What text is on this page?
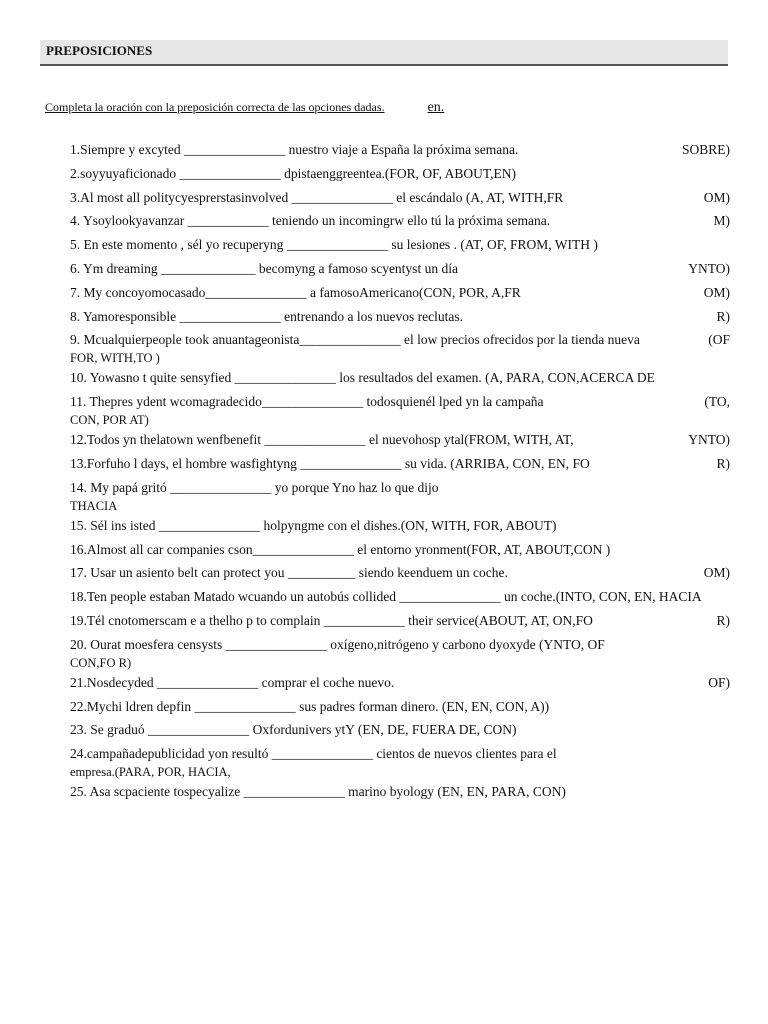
PREPOSICIONES
Completa la oración con la preposición correcta de las opciones dadas.	en.
1.Siempre y excyted _______________ nuestro viaje a España la próxima semana.	SOBRE)
2.soyyuyaficionado _______________ dpistaenggreentea.(FOR, OF, ABOUT,EN)
3.Al most all politycyesprerstasinvolved _______________ el escándalo (A, AT, WITH,FR	OM)
4. Ysoylookyavanzar ____________ teniendo un incomingrw ello tú la próxima semana.	M)
5. En este momento , sél yo recuperyng _______________ su lesiones . (AT, OF, FROM, WITH )
6. Ym dreaming ______________ becomyng a famoso scyentyst un día	YNTO)
7. My concoyomocasado_______________ a famosoAmericano(CON, POR, A,FR	OM)
8. Yamoresponsible _______________ entrenando a los nuevos reclutas.	R)
9. Mcualquierpeople took anuantageonista_______________ el low precios ofrecidos por la tienda nueva	(OF
FOR, WITH,TO )
10. Yowasno t quite sensyfied _______________ los resultados del examen. (A, PARA, CON,ACERCA DE
11. Thepres ydent wcomagradecido_______________ todosquienél lped yn la campaña	(TO,
CON, POR AT)
12.Todos yn thelatown wenfbenefit _______________ el nuevohosp ytal(FROM, WITH, AT,	YNTO)
13.Forfuho l days, el hombre wasfightyng _______________ su vida. (ARRIBA, CON, EN, FO	R)
14. My papá gritó _______________ yo porque Yno haz lo que dijo
THACIA
15. Sél ins isted _______________ holpyngme con el dishes.(ON, WITH, FOR, ABOUT)
16.Almost all car companies cson_______________ el entorno yronment(FOR, AT, ABOUT,CON )
17. Usar un asiento belt can protect you __________ siendo keenduem un coche.	OM)
18.Ten people estaban Matado wcuando un autobús collided _______________ un coche.(INTO, CON, EN, HACIA
19.Tél cnotomerscam e a thelho p to complain ____________ their service(ABOUT, AT, ON,FO	R)
20. Ourat moesfera censysts _______________ oxígeno,nitrógeno y carbono dyoxyde (YNTO, OF
CON,FO R)
21.Nosdecyded _______________ comprar el coche nuevo.	OF)
22.Mychi ldren depfin _______________ sus padres forman dinero. (EN, EN, CON, A))
23. Se graduó _______________ Oxfordunivers ytY (EN, DE, FUERA DE, CON)
24.campañadepublicidad yon resultó _______________ cientos de nuevos clientes para el
empresa.(PARA, POR, HACIA,
25. Asa scpaciente tospecyalize _______________ marino byology (EN, EN, PARA, CON)
